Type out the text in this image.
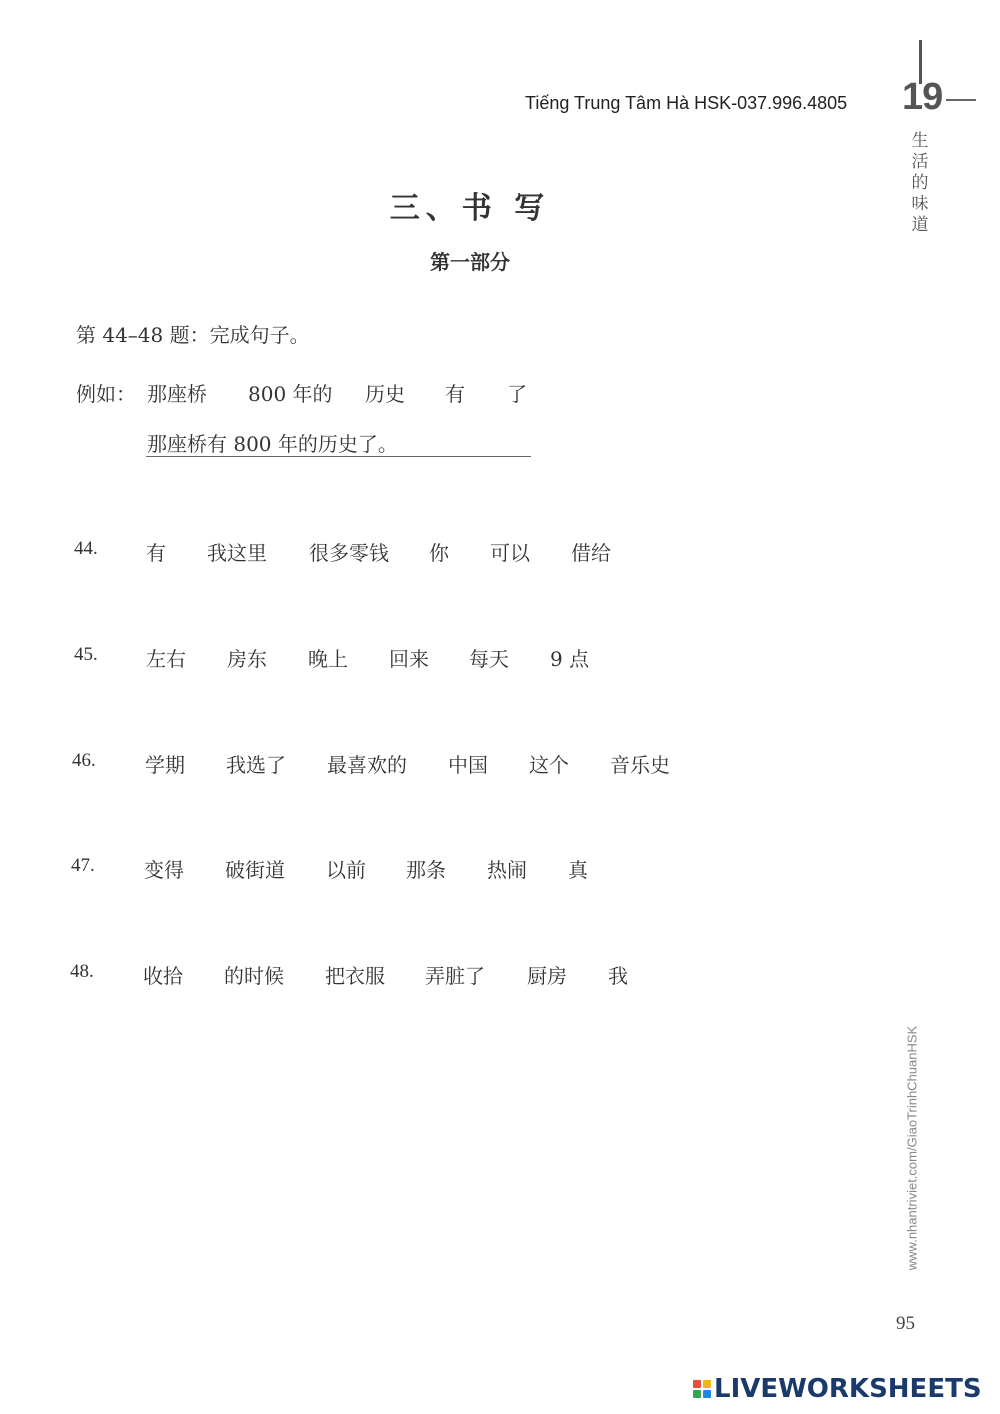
Tiếng Trung Tâm Hà HSK-037.996.4805 19
生活的味道
三、书 写
第一部分
第 44–48 题：完成句子。
例如： 那座桥 800 年的 历史 有 了
那座桥有 800 年的历史了。
44. 有 我这里 很多零钱 你 可以 借给
45. 左右 房东 晚上 回来 每天 9 点
46. 学期 我选了 最喜欢的 中国 这个 音乐史
47. 变得 破街道 以前 那条 热闹 真
48. 收拾 的时候 把衣服 弄脏了 厨房 我
www.nhantriviet.com/GiaoTrinhChuanHSK
95
LIVEWORKSHEETS
